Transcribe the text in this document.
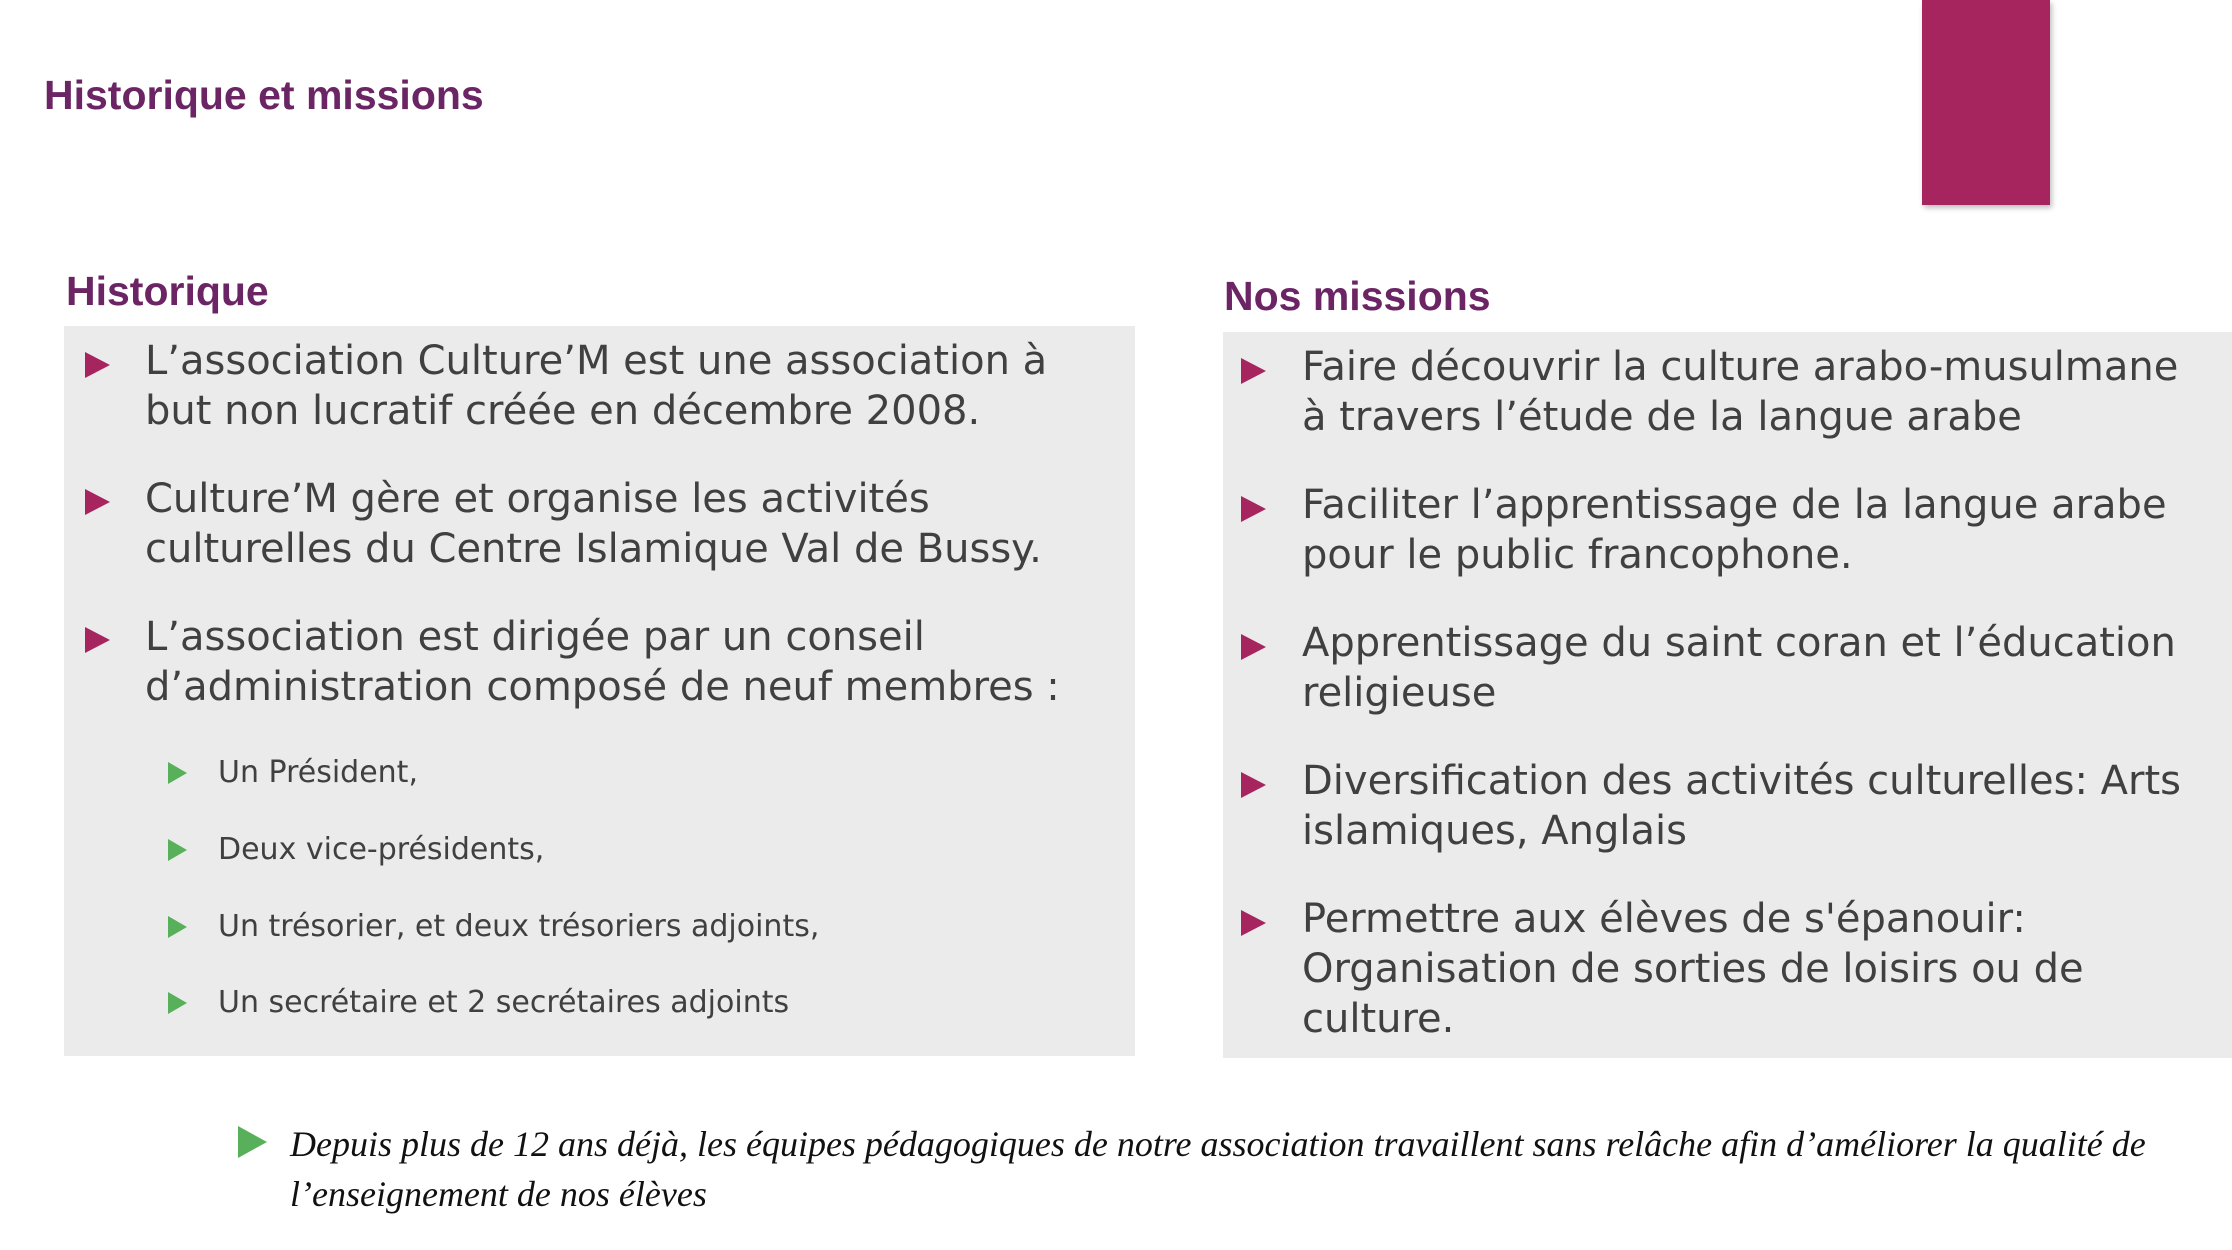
Historique et missions
Historique
L’association Culture’M est une association à
but non lucratif créée en décembre 2008.
Culture’M gère et organise les activités
culturelles du Centre Islamique Val de Bussy.
L’association est dirigée par un conseil
d’administration composé de neuf membres :
Un Président,
Deux vice-présidents,
Un trésorier, et deux trésoriers adjoints,
Un secrétaire et 2 secrétaires adjoints
Nos missions
Faire découvrir la culture arabo-musulmane
à travers l’étude de la langue arabe
Faciliter l’apprentissage de la langue arabe
pour le public francophone.
Apprentissage du saint coran et l’éducation
religieuse
Diversification des activités culturelles: Arts
islamiques, Anglais
Permettre aux élèves de s'épanouir:
Organisation de sorties de loisirs ou de
culture.
Depuis plus de 12 ans déjà, les équipes pédagogiques de notre association travaillent sans relâche afin d’améliorer la qualité de
l’enseignement de nos élèves
